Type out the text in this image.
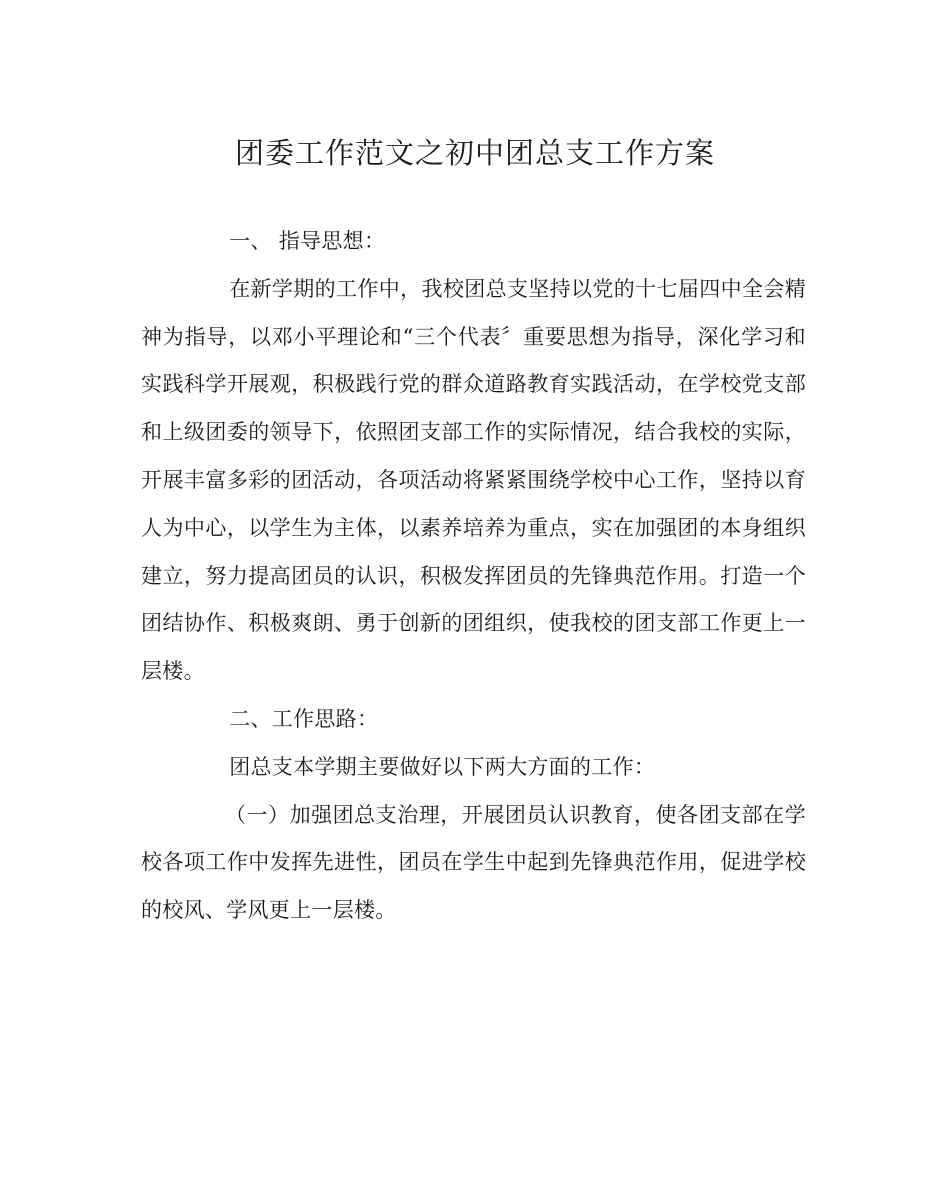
团委工作范文之初中团总支工作方案

一、 指导思想：

在新学期的工作中，我校团总支坚持以党的十七届四中全会精神为指导，以邓小平理论和“三个代表〞重要思想为指导，深化学习和实践科学开展观，积极践行党的群众道路教育实践活动，在学校党支部和上级团委的领导下，依照团支部工作的实际情况，结合我校的实际，开展丰富多彩的团活动，各项活动将紧紧围绕学校中心工作，坚持以育人为中心，以学生为主体，以素养培养为重点，实在加强团的本身组织建立，努力提高团员的认识，积极发挥团员的先锋典范作用。打造一个团结协作、积极爽朗、勇于创新的团组织，使我校的团支部工作更上一层楼。

二、工作思路：

团总支本学期主要做好以下两大方面的工作：

（一）加强团总支治理，开展团员认识教育，使各团支部在学校各项工作中发挥先进性，团员在学生中起到先锋典范作用，促进学校的校风、学风更上一层楼。
